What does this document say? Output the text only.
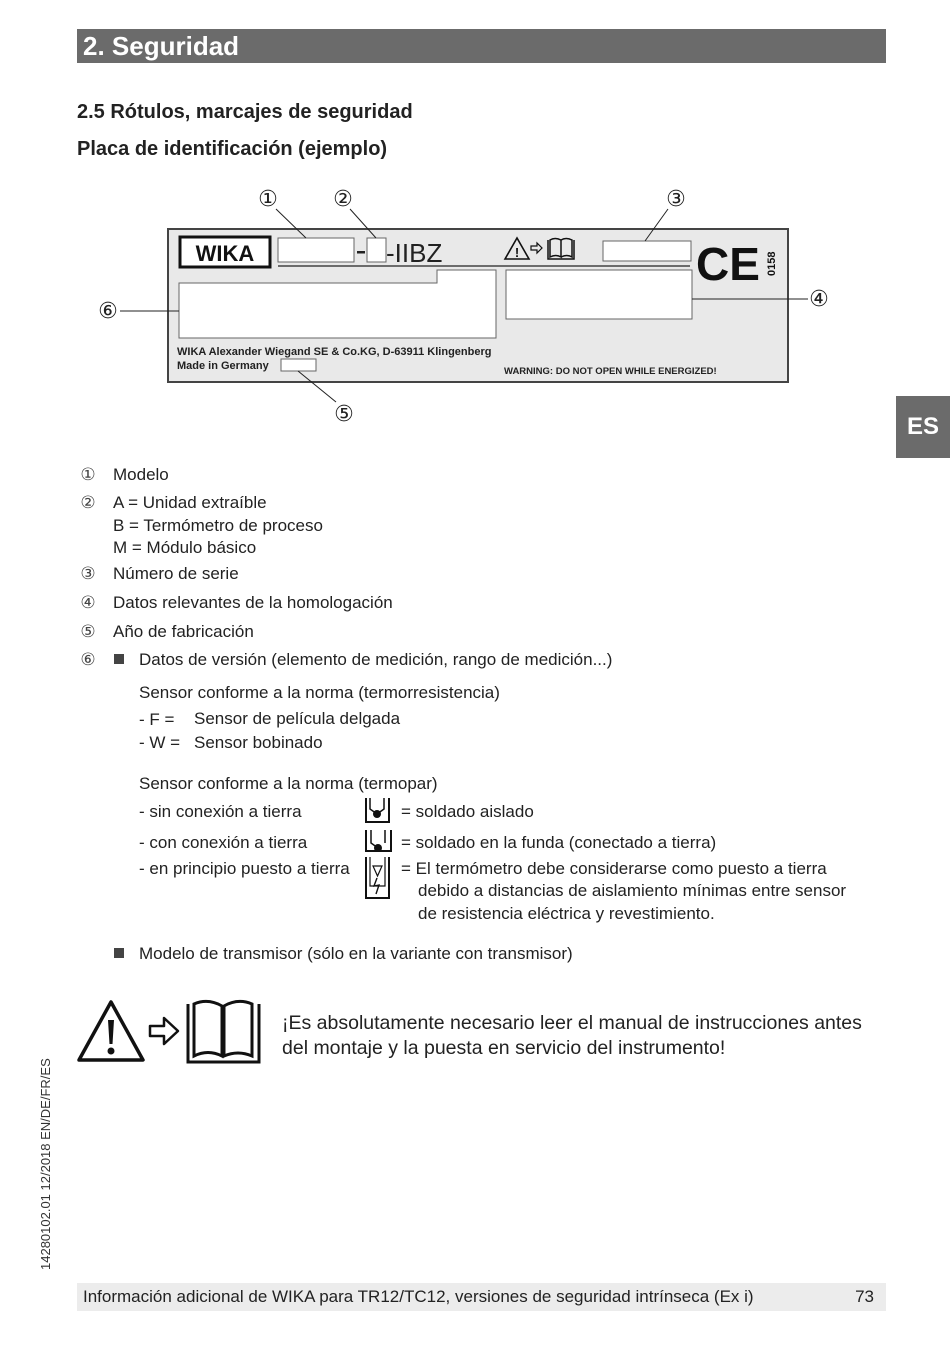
2. Seguridad
2.5 Rótulos, marcajes de seguridad
Placa de identificación (ejemplo)
ES
WIKA	-IIBZ	!	CE 0158
WIKA Alexander Wiegand SE & Co.KG, D-63911 Klingenberg
Made in Germany	WARNING: DO NOT OPEN WHILE ENERGIZED!
①	②	③
④
⑤
⑥
① Modelo
② A = Unidad extraíble
B = Termómetro de proceso
M = Módulo básico
③ Número de serie
④ Datos relevantes de la homologación
⑤ Año de fabricación
⑥	Datos de versión (elemento de medición, rango de medición...)
Sensor conforme a la norma (termorresistencia)
- F = Sensor de película delgada
- W = Sensor bobinado
Sensor conforme a la norma (termopar)
- sin conexión a tierra	= soldado aislado
- con conexión a tierra	= soldado en la funda (conectado a tierra)
- en principio puesto a tierra	= El termómetro debe considerarse como puesto a tierra
debido a distancias de aislamiento mínimas entre sensor
de resistencia eléctrica y revestimiento.
Modelo de transmisor (sólo en la variante con transmisor)
¡Es absolutamente necesario leer el manual de instrucciones antes del montaje y la puesta en servicio del instrumento!
14280102.01 12/2018 EN/DE/FR/ES
Información adicional de WIKA para TR12/TC12, versiones de seguridad intrínseca (Ex i)	73
